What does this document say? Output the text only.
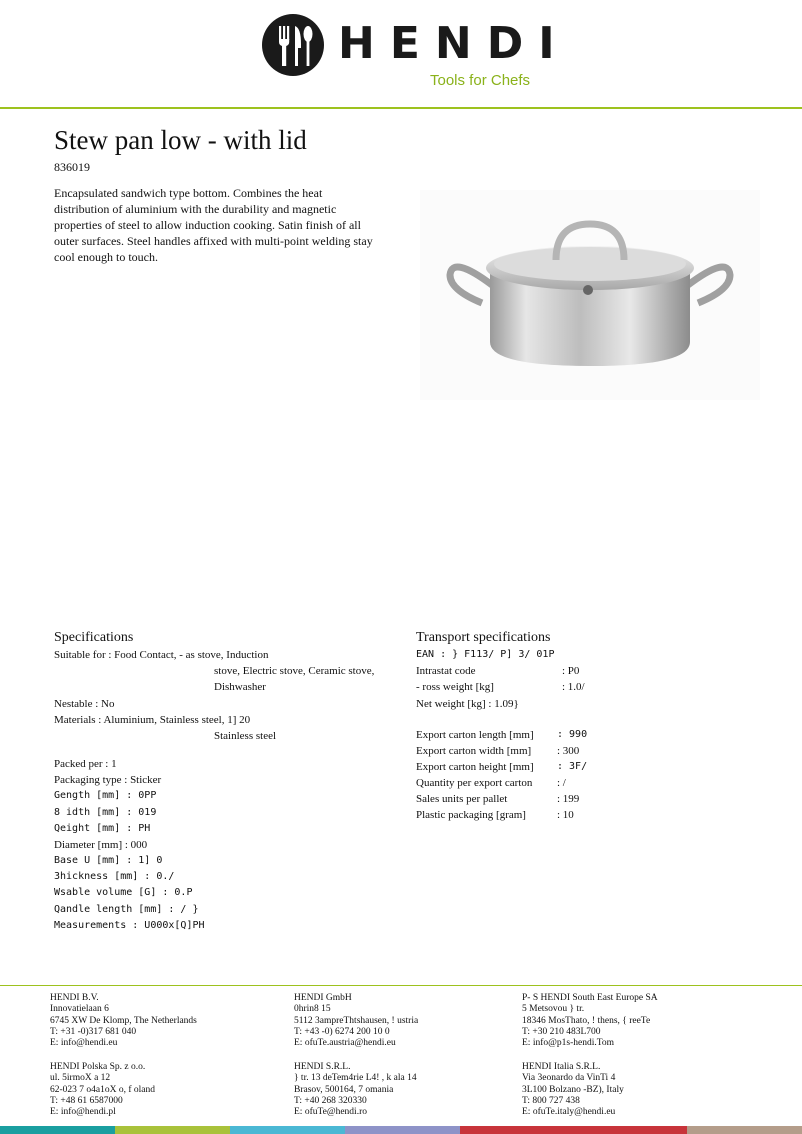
HENDI
Tools for Chefs
Stew pan low - with lid
836019
Encapsulated sandwich type bottom. Combines the heat distribution of aluminium with the durability and magnetic properties of steel to allow induction cooking. Satin finish of all outer surfaces. Steel handles affixed with multi-point welding stay cool enough to touch.
Specifications
Suitable for : Food Contact, - as stove, Induction
stove, Electric stove, Ceramic stove,
Dishwasher
Nestable : No
Materials : Aluminium, Stainless steel, 1] 20
Stainless steel
Packed per : 1
Packaging type : Sticker
Gength [mm] : 0PP
8 idth [mm] : 019
Qeight [mm] : PH
Diameter [mm] : 000
Base U [mm] : 1] 0
3hickness [mm] : 0./
Wsable volume [G] : 0.P
Qandle length [mm] : / }
Measurements : U000x[Q]PH
Transport specifications
EAN : } F113/ P] 3/ 01P
Intrastat code	: P0
- ross weight [kg]	: 1.0/
Net weight [kg] : 1.09}
Export carton length [mm] : 990
Export carton width [mm] : 300
Export carton height [mm] : 3F/
Quantity per export carton : /
Sales units per pallet	: 199
Plastic packaging [gram]	: 10
HENDI B.V.
Innovatielaan 6
6745 XW De Klomp, The Netherlands
T: +31 -0)317 681 040
E: info@hendi.eu
HENDI GmbH
0hrin8 15
5112 3ampreThtshausen, ! ustria
T: +43 -0) 6274 200 10 0
E: ofuTe.austria@hendi.eu
P- S HENDI South East Europe SA
5 Metsovou } tr.
18346 MosThato, ! thens, { reeTe
T: +30 210 483L700
E: info@p1s-hendi.Tom
HENDI Polska Sp. z o.o.
ul. 5irmoX a 12
62-023 7 o4a1oX o, f oland
T: +48 61 6587000
E: info@hendi.pl
HENDI S.R.L.
} tr. 13 deTem4rie L4! , k ala 14
Brasov, 500164, 7 omania
T: +40 268 320330
E: ofuTe@hendi.ro
HENDI Italia S.R.L.
Via 3eonardo da VinTi 4
3L100 Bolzano -BZ), Italy
T: 800 727 438
E: ofuTe.italy@hendi.eu
